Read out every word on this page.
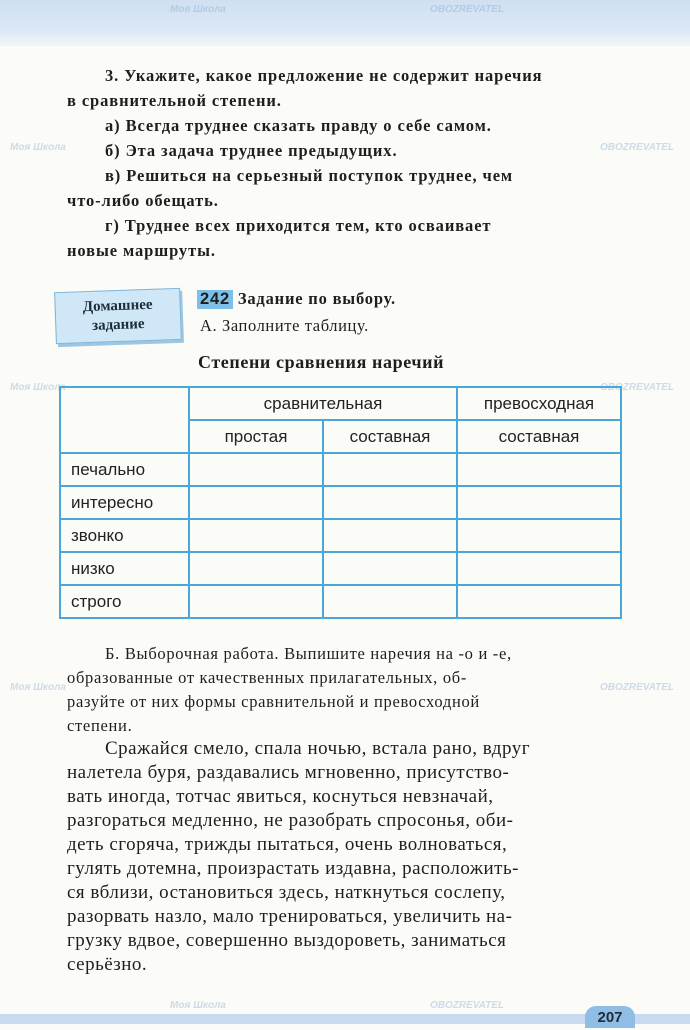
Моя Школа	OBOZREVATEL
Моя Школа	OBOZREVATEL
Моя Школа	OBOZREVATEL
Моя Школа	OBOZREVATEL
Моя Школа	OBOZREVATEL
3. Укажите, какое предложение не содержит наречия
в сравнительной степени.
а) Всегда труднее сказать правду о себе самом.
б) Эта задача труднее предыдущих.
в) Решиться на серьезный поступок труднее, чем
что-либо обещать.
г) Труднее всех приходится тем, кто осваивает
новые маршруты.
Домашнее
задание
242 Задание по выбору.
А. Заполните таблицу.
Степени сравнения наречий
	сравнительная		превосходная
	простая	составная	составная
печально			
интересно			
звонко			
низко			
строго			
Б. Выборочная работа. Выпишите наречия на -о и -е,
образованные от качественных прилагательных, об-
разуйте от них формы сравнительной и превосходной
степени.
Сражайся смело, спала ночью, встала рано, вдруг
налетела буря, раздавались мгновенно, присутство-
вать иногда, тотчас явиться, коснуться невзначай,
разгораться медленно, не разобрать спросонья, оби-
деть сгоряча, трижды пытаться, очень волноваться,
гулять дотемна, произрастать издавна, расположить-
ся вблизи, остановиться здесь, наткнуться сослепу,
разорвать назло, мало тренироваться, увеличить на-
грузку вдвое, совершенно выздороветь, заниматься
серьёзно.
207
